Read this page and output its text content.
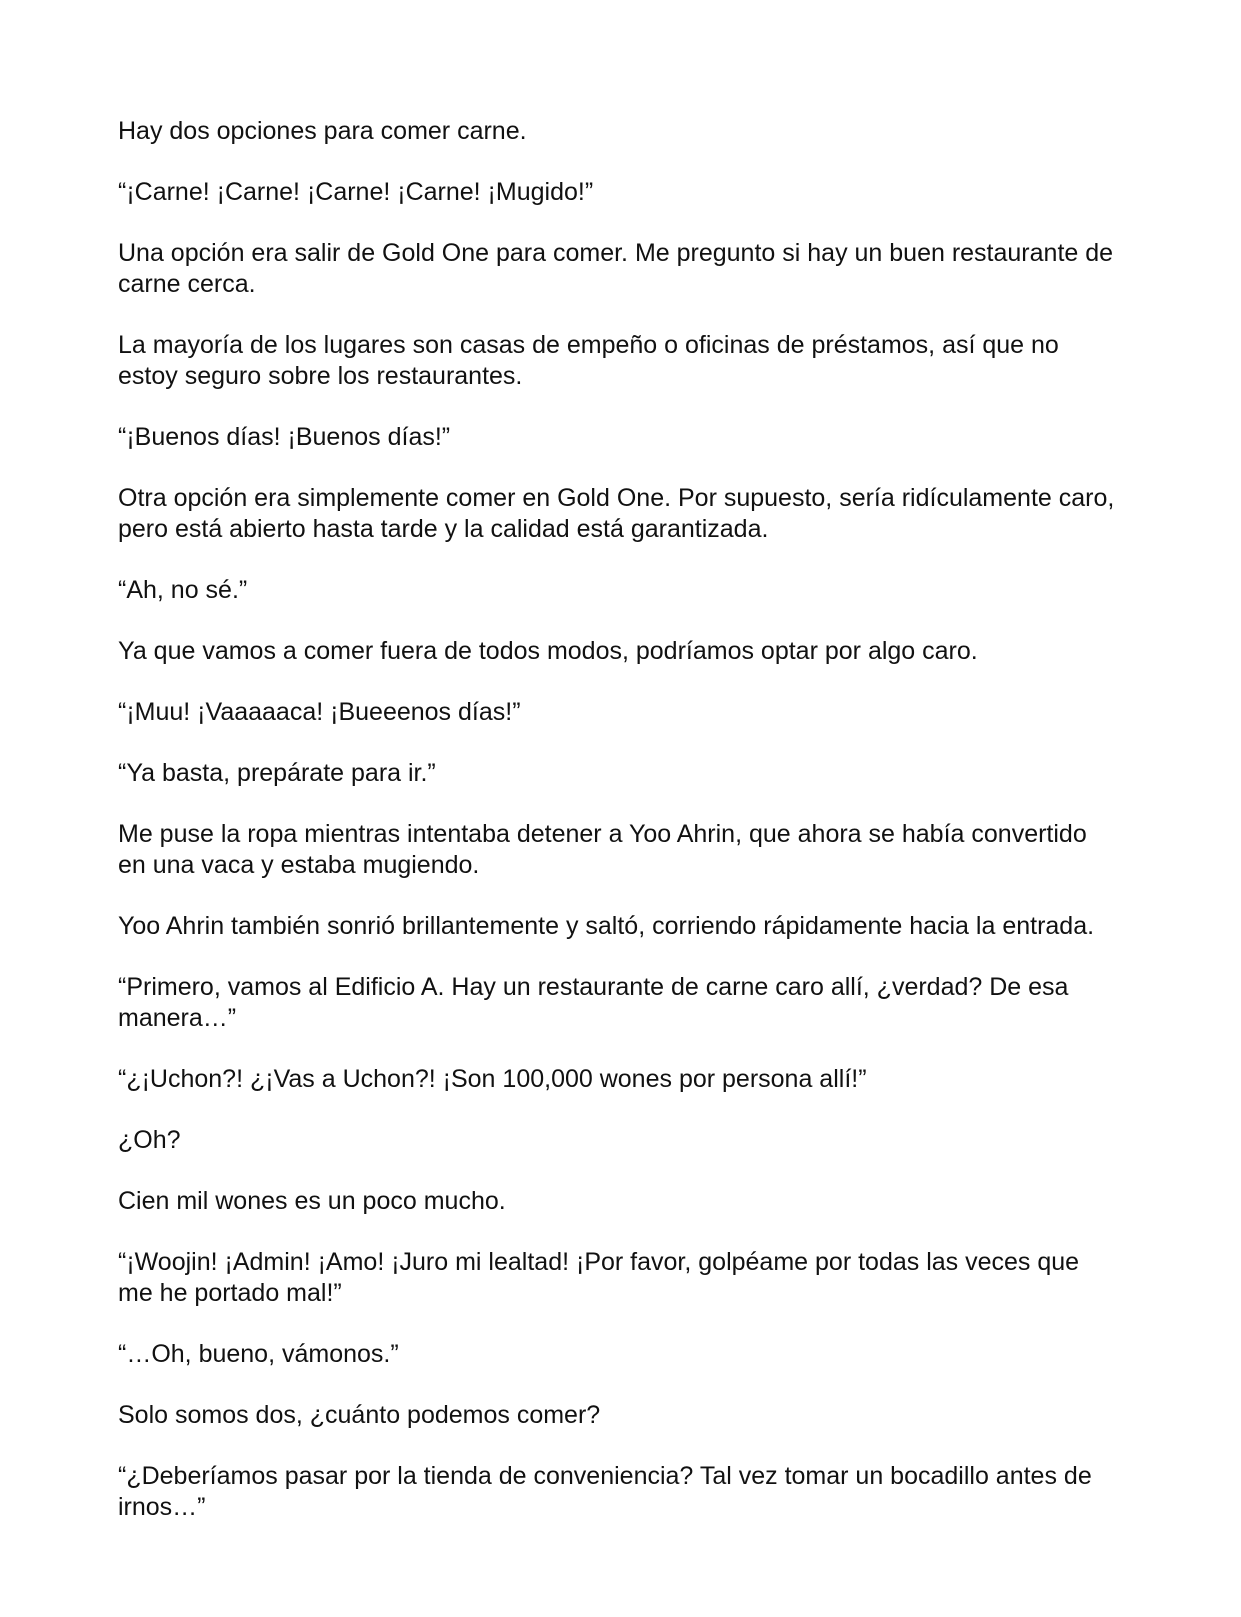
Hay dos opciones para comer carne.

“¡Carne! ¡Carne! ¡Carne! ¡Carne! ¡Mugido!”

Una opción era salir de Gold One para comer. Me pregunto si hay un buen restaurante de carne cerca.

La mayoría de los lugares son casas de empeño o oficinas de préstamos, así que no estoy seguro sobre los restaurantes.

“¡Buenos días! ¡Buenos días!”

Otra opción era simplemente comer en Gold One. Por supuesto, sería ridículamente caro, pero está abierto hasta tarde y la calidad está garantizada.

“Ah, no sé.”

Ya que vamos a comer fuera de todos modos, podríamos optar por algo caro.

“¡Muu! ¡Vaaaaaca! ¡Bueeenos días!”

“Ya basta, prepárate para ir.”

Me puse la ropa mientras intentaba detener a Yoo Ahrin, que ahora se había convertido en una vaca y estaba mugiendo.

Yoo Ahrin también sonrió brillantemente y saltó, corriendo rápidamente hacia la entrada.

“Primero, vamos al Edificio A. Hay un restaurante de carne caro allí, ¿verdad? De esa manera…”

“¿¡Uchon?! ¿¡Vas a Uchon?! ¡Son 100,000 wones por persona allí!”

¿Oh?

Cien mil wones es un poco mucho.

“¡Woojin! ¡Admin! ¡Amo! ¡Juro mi lealtad! ¡Por favor, golpéame por todas las veces que me he portado mal!”

“…Oh, bueno, vámonos.”

Solo somos dos, ¿cuánto podemos comer?

“¿Deberíamos pasar por la tienda de conveniencia? Tal vez tomar un bocadillo antes de irnos…”
